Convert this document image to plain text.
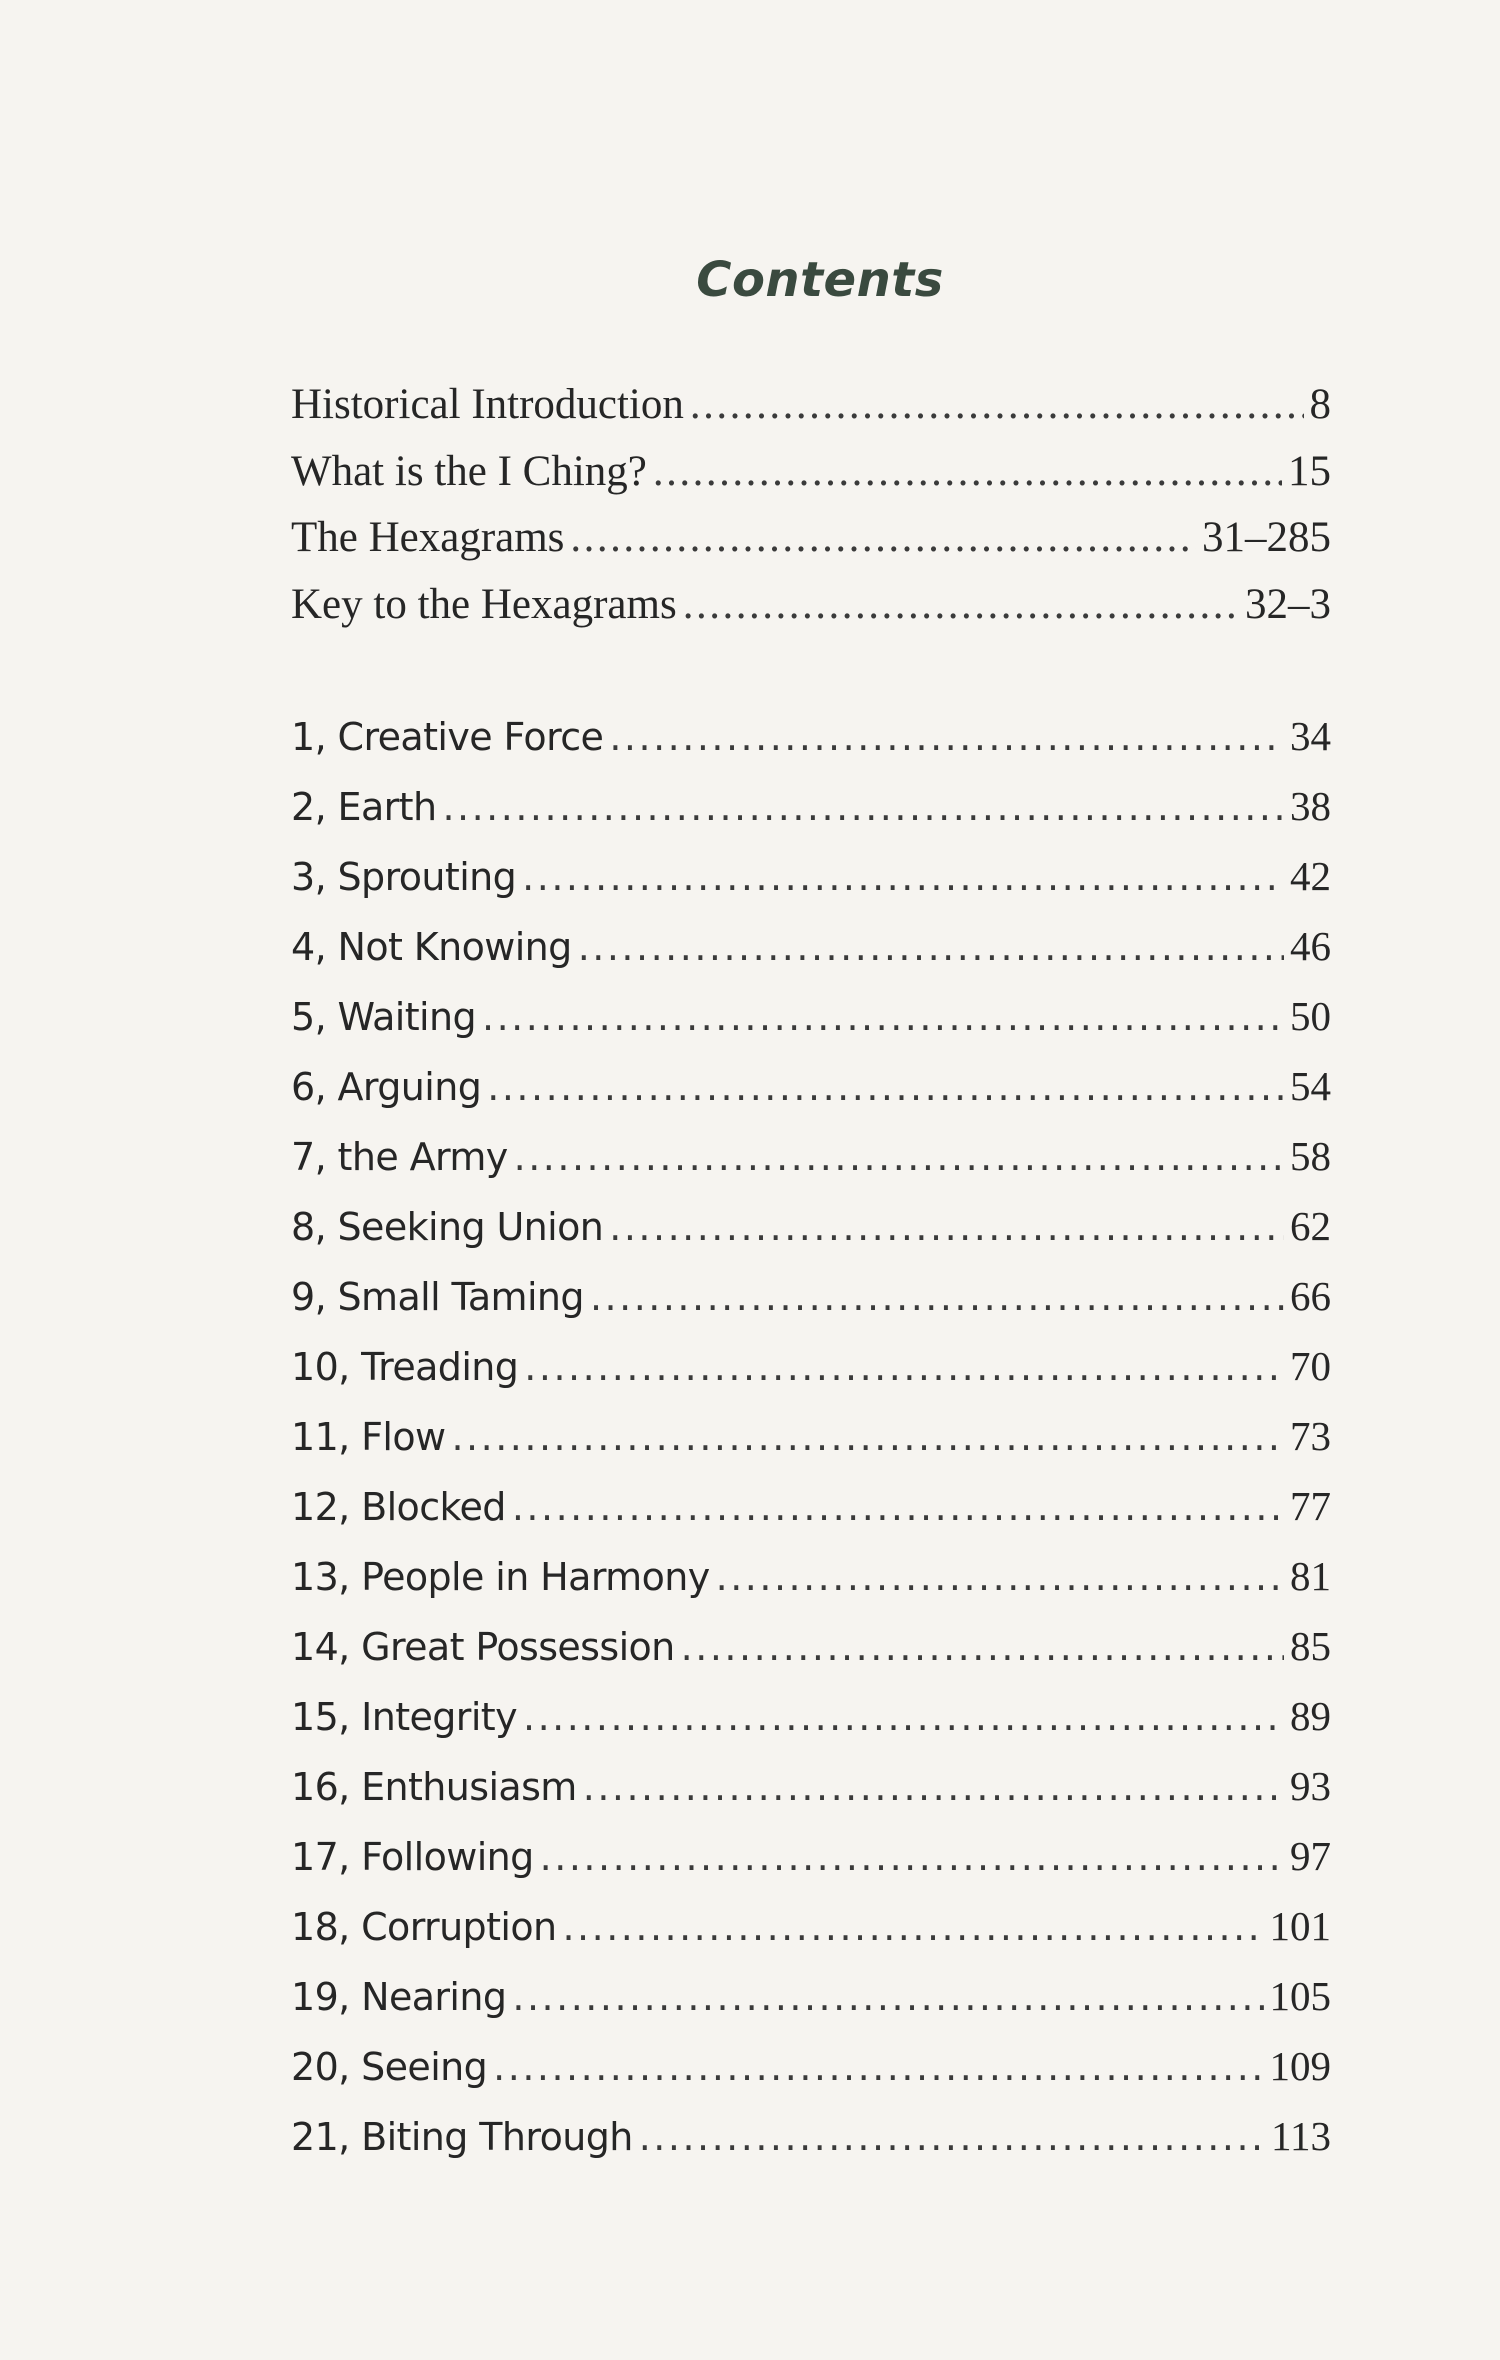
Contents
Historical Introduction .....	8
What is the I Ching? .....	15
The Hexagrams .....	31–285
Key to the Hexagrams .....	32–3
1, Creative Force .....	34
2, Earth .....	38
3, Sprouting .....	42
4, Not Knowing .....	46
5, Waiting .....	50
6, Arguing .....	54
7, the Army .....	58
8, Seeking Union .....	62
9, Small Taming .....	66
10, Treading .....	70
11, Flow .....	73
12, Blocked .....	77
13, People in Harmony .....	81
14, Great Possession .....	85
15, Integrity .....	89
16, Enthusiasm .....	93
17, Following .....	97
18, Corruption .....	101
19, Nearing .....	105
20, Seeing .....	109
21, Biting Through .....	113
